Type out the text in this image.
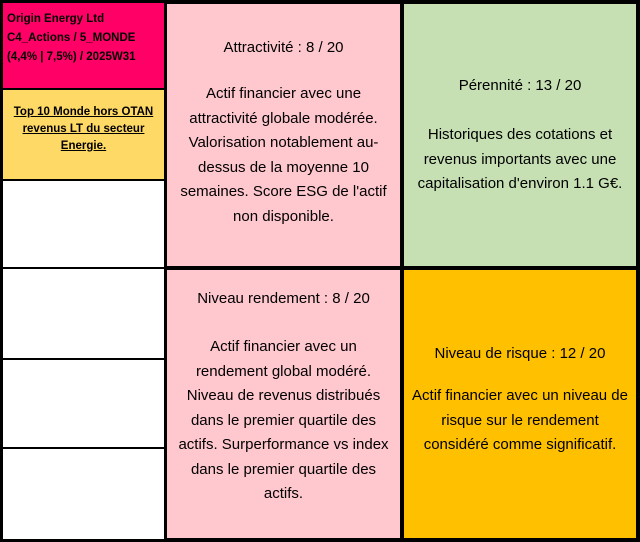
Origin Energy Ltd
C4_Actions / 5_MONDE
(4,4% | 7,5%) / 2025W31
Top 10 Monde hors OTAN
revenus LT du secteur
Energie.
Attractivité : 8 / 20
Actif financier avec une
attractivité globale modérée.
Valorisation notablement au-
dessus de la moyenne 10
semaines. Score ESG de l'actif
non disponible.
Pérennité : 13 / 20
Historiques des cotations et
revenus importants avec une
capitalisation d'environ 1.1 G€.
Niveau rendement : 8 / 20
Actif financier avec un
rendement global modéré.
Niveau de revenus distribués
dans le premier quartile des
actifs. Surperformance vs index
dans le premier quartile des
actifs.
Niveau de risque : 12 / 20
Actif financier avec un niveau de
risque sur le rendement
considéré comme significatif.
